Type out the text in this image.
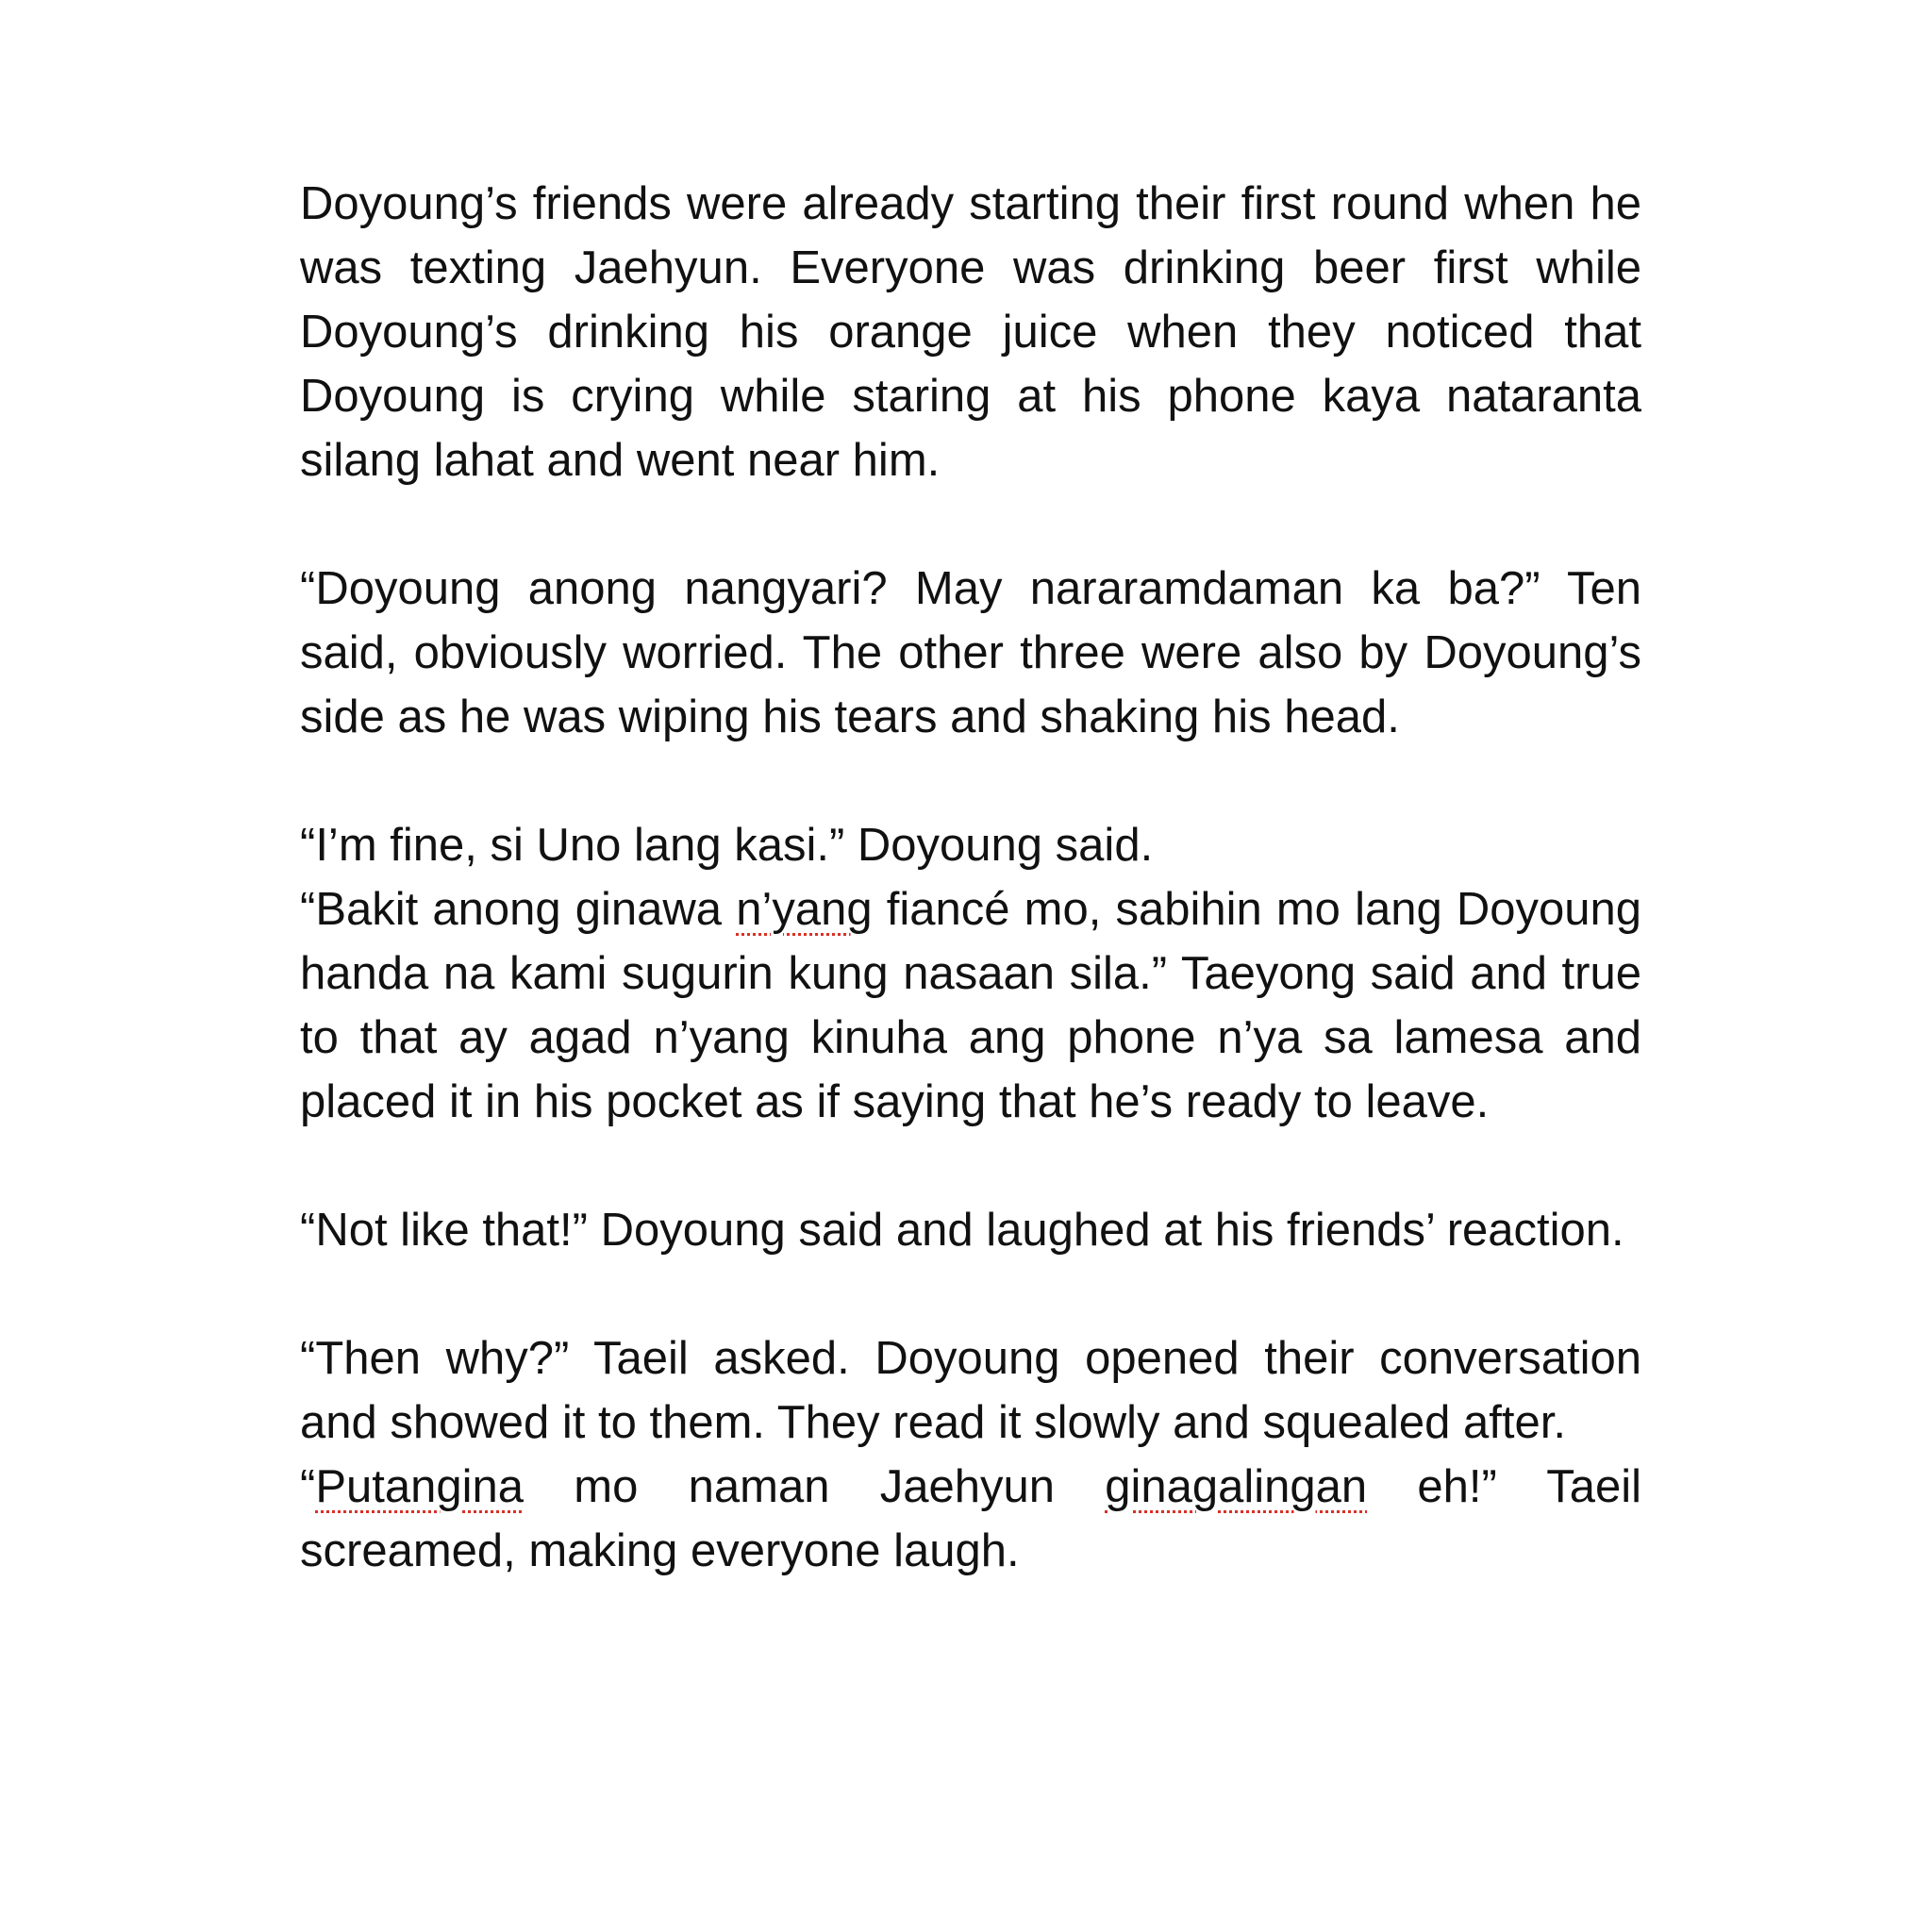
Doyoung’s friends were already starting their first round when he was texting Jaehyun. Everyone was drinking beer first while Doyoung’s drinking his orange juice when they noticed that Doyoung is crying while staring at his phone kaya nataranta silang lahat and went near him.

“Doyoung anong nangyari? May nararamdaman ka ba?” Ten said, obviously worried. The other three were also by Doyoung’s side as he was wiping his tears and shaking his head.

“I’m fine, si Uno lang kasi.” Doyoung said.

“Bakit anong ginawa n’yang fiancé mo, sabihin mo lang Doyoung handa na kami sugurin kung nasaan sila.” Taeyong said and true to that ay agad n’yang kinuha ang phone n’ya sa lamesa and placed it in his pocket as if saying that he’s ready to leave.

“Not like that!” Doyoung said and laughed at his friends’ reaction.

“Then why?” Taeil asked. Doyoung opened their conversation and showed it to them. They read it slowly and squealed after.

“Putangina mo naman Jaehyun ginagalingan eh!” Taeil screamed, making everyone laugh.
